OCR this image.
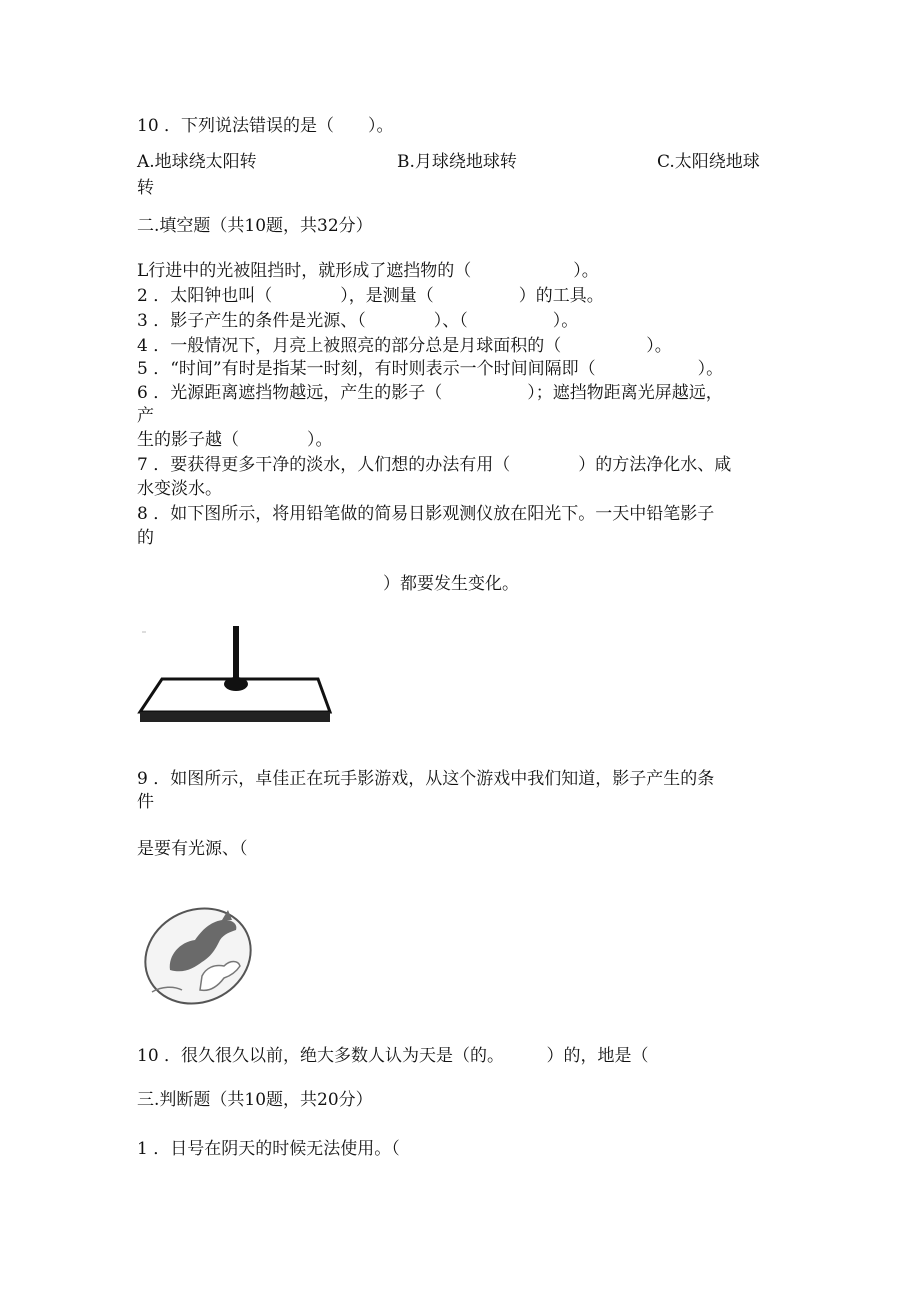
10 ．下列说法错误的是（　　）。
A.地球绕太阳转	B.月球绕地球转	C.太阳绕地球
转
二.填空题（共10题，共32分）
L行进中的光被阻挡时，就形成了遮挡物的（　　　　　　）。
2 ．太阳钟也叫（　　　　），是测量（　　　　　）的工具。
3 ．影子产生的条件是光源、（　　　　）、（　　　　　）。
4 ．一般情况下，月亮上被照亮的部分总是月球面积的（　　　　　）。
5 ．“时间”有时是指某一时刻，有时则表示一个时间间隔即（　　　　　　）。
6 ．光源距离遮挡物越远，产生的影子（　　　　　）；遮挡物距离光屏越远，
产
生的影子越（　　　　）。
7 ．要获得更多干净的淡水，人们想的办法有用（　　　　）的方法净化水、咸
水变淡水。
8 ．如下图所示，将用铅笔做的简易日影观测仪放在阳光下。一天中铅笔影子
的
）都要发生变化。
9 ．如图所示，卓佳正在玩手影游戏，从这个游戏中我们知道，影子产生的条
件
是要有光源、（
10 ．很久很久以前，绝大多数人认为天是（的。　　　）的，地是（
三.判断题（共10题，共20分）
1 ．日号在阴天的时候无法使用。（
